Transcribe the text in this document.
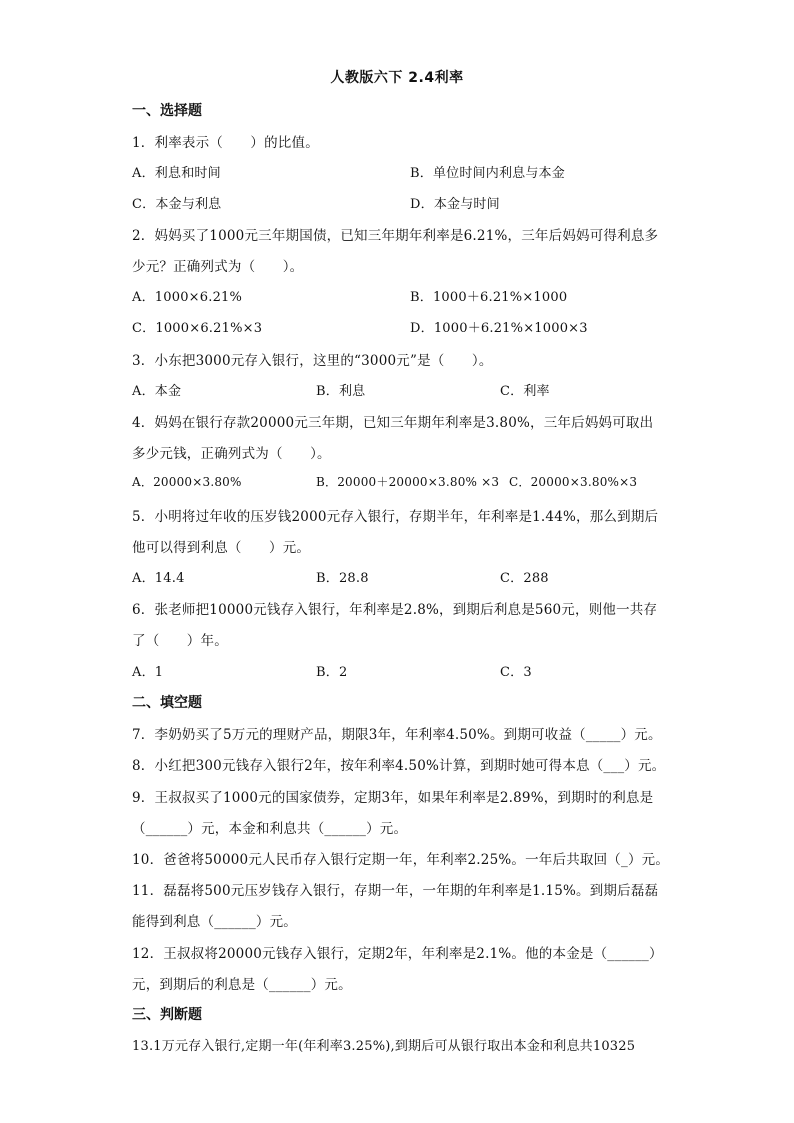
人教版六下 2.4利率
一、选择题
1．利率表示（　　）的比值。
A．利息和时间	B．单位时间内利息与本金
C．本金与利息	D．本金与时间
2．妈妈买了1000元三年期国债，已知三年期年利率是6.21%，三年后妈妈可得利息多
少元？正确列式为（　　）。
A．1000×6.21%	B．1000＋6.21%×1000
C．1000×6.21%×3	D．1000＋6.21%×1000×3
3．小东把3000元存入银行，这里的“3000元”是（　　）。
A．本金	B．利息	C．利率
4．妈妈在银行存款20000元三年期，已知三年期年利率是3.80%，三年后妈妈可取出
多少元钱，正确列式为（　　）。
A．20000×3.80%	B．20000＋20000×3.80% ×3 C．20000×3.80%×3
5．小明将过年收的压岁钱2000元存入银行，存期半年，年利率是1.44%，那么到期后
他可以得到利息（　　）元。
A．14.4	B．28.8	C．288
6．张老师把10000元钱存入银行，年利率是2.8%，到期后利息是560元，则他一共存
了（　　）年。
A．1	B．2	C．3
二、填空题
7．李奶奶买了5万元的理财产品，期限3年，年利率4.50%。到期可收益（_____）元。
8．小红把300元钱存入银行2年，按年利率4.50%计算，到期时她可得本息（___）元。
9．王叔叔买了1000元的国家债券，定期3年，如果年利率是2.89%，到期时的利息是
（______）元，本金和利息共（______）元。
10．爸爸将50000元人民币存入银行定期一年，年利率2.25%。一年后共取回（_）元。
11．磊磊将500元压岁钱存入银行，存期一年，一年期的年利率是1.15%。到期后磊磊
能得到利息（______）元。
12．王叔叔将20000元钱存入银行，定期2年，年利率是2.1%。他的本金是（______）
元，到期后的利息是（______）元。
三、判断题
13.1万元存入银行,定期一年(年利率3.25%),到期后可从银行取出本金和利息共10325
